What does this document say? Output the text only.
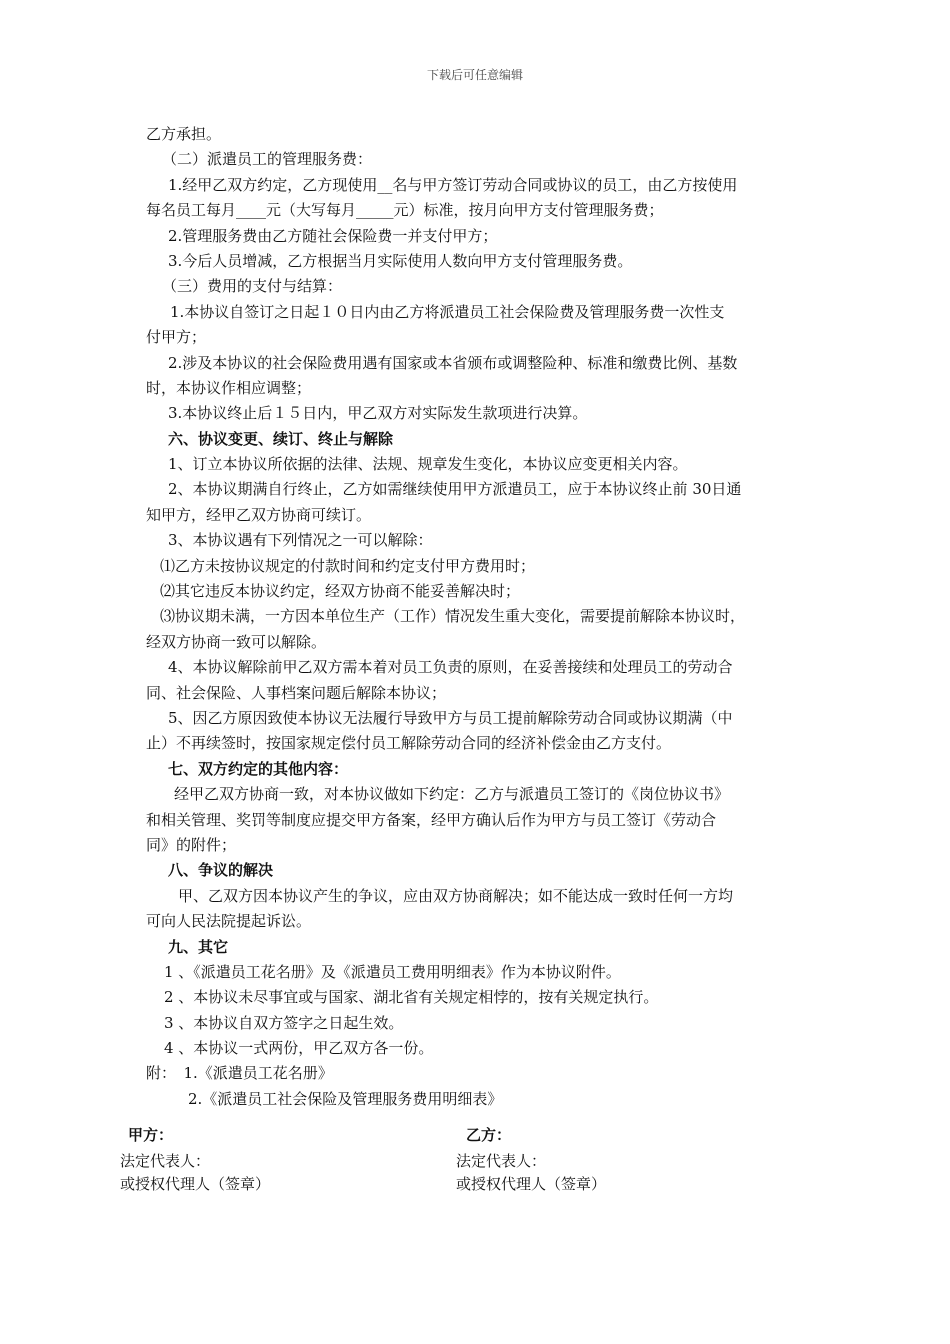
下载后可任意编辑
乙方承担。
（二）派遣员工的管理服务费：
1.经甲乙双方约定，乙方现使用__名与甲方签订劳动合同或协议的员工，由乙方按使用
每名员工每月____元（大写每月_____元）标准，按月向甲方支付管理服务费；
2.管理服务费由乙方随社会保险费一并支付甲方；
3.今后人员增减，乙方根据当月实际使用人数向甲方支付管理服务费。
（三）费用的支付与结算：
1.本协议自签订之日起１０日内由乙方将派遣员工社会保险费及管理服务费一次性支
付甲方；
2.涉及本协议的社会保险费用遇有国家或本省颁布或调整险种、标准和缴费比例、基数
时，本协议作相应调整；
3.本协议终止后１５日内，甲乙双方对实际发生款项进行决算。
六、协议变更、续订、终止与解除
1、订立本协议所依据的法律、法规、规章发生变化，本协议应变更相关内容。
2、本协议期满自行终止，乙方如需继续使用甲方派遣员工，应于本协议终止前 30日通
知甲方，经甲乙双方协商可续订。
3、本协议遇有下列情况之一可以解除：
⑴乙方未按协议规定的付款时间和约定支付甲方费用时；
⑵其它违反本协议约定，经双方协商不能妥善解决时；
⑶协议期未满，一方因本单位生产（工作）情况发生重大变化，需要提前解除本协议时，
经双方协商一致可以解除。
4、本协议解除前甲乙双方需本着对员工负责的原则，在妥善接续和处理员工的劳动合
同、社会保险、人事档案问题后解除本协议；
5、因乙方原因致使本协议无法履行导致甲方与员工提前解除劳动合同或协议期满（中
止）不再续签时，按国家规定偿付员工解除劳动合同的经济补偿金由乙方支付。
七、双方约定的其他内容：
经甲乙双方协商一致，对本协议做如下约定：乙方与派遣员工签订的《岗位协议书》
和相关管理、奖罚等制度应提交甲方备案，经甲方确认后作为甲方与员工签订《劳动合
同》的附件；
八、争议的解决
甲、乙双方因本协议产生的争议，应由双方协商解决；如不能达成一致时任何一方均
可向人民法院提起诉讼。
九、其它
1 、《派遣员工花名册》及《派遣员工费用明细表》作为本协议附件。
2 、本协议未尽事宜或与国家、湖北省有关规定相悖的，按有关规定执行。
3 、本协议自双方签字之日起生效。
4 、本协议一式两份，甲乙双方各一份。
附：　1.《派遣员工花名册》
2.《派遣员工社会保险及管理服务费用明细表》
甲方：
法定代表人：
或授权代理人（签章）
乙方：
法定代表人：
或授权代理人（签章）
